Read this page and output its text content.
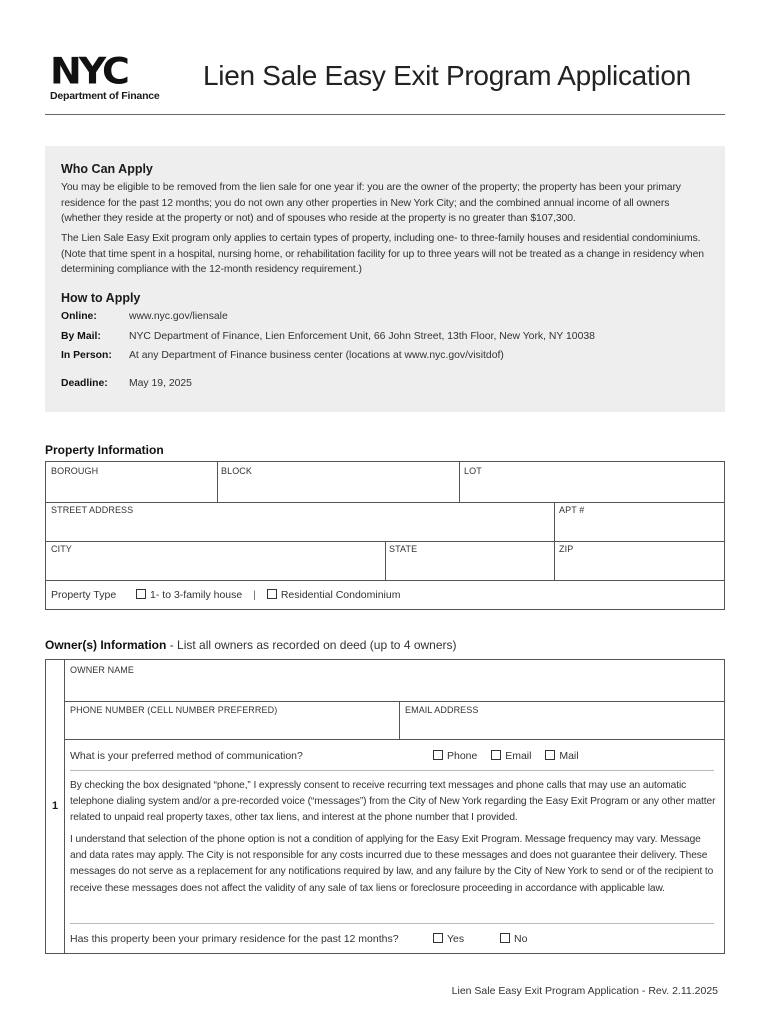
NYC
Department of Finance
Lien Sale Easy Exit Program Application
Who Can Apply

You may be eligible to be removed from the lien sale for one year if: you are the owner of the property; the property has been your primary residence for the past 12 months; you do not own any other properties in New York City; and the combined annual income of all owners (whether they reside at the property or not) and of spouses who reside at the property is no greater than $107,300.

The Lien Sale Easy Exit program only applies to certain types of property, including one- to three-family houses and residential condominiums. (Note that time spent in a hospital, nursing home, or rehabilitation facility for up to three years will not be treated as a change in residency when determining compliance with the 12-month residency requirement.)

How to Apply
Online:	www.nyc.gov/liensale
By Mail:	NYC Department of Finance, Lien Enforcement Unit, 66 John Street, 13th Floor, New York, NY 10038
In Person: At any Department of Finance business center (locations at www.nyc.gov/visitdof)
Deadline: May 19, 2025
Property Information
BOROUGH	BLOCK	LOT
STREET ADDRESS	APT #
CITY	STATE	ZIP
Property Type	1- to 3-family house | Residential Condominium
Owner(s) Information - List all owners as recorded on deed (up to 4 owners)
1
OWNER NAME
PHONE NUMBER (CELL NUMBER PREFERRED)	EMAIL ADDRESS
What is your preferred method of communication?	Phone	Email	Mail

By checking the box designated “phone,” I expressly consent to receive recurring text messages and phone calls that may use an automatic telephone dialing system and/or a pre-recorded voice (“messages”) from the City of New York regarding the Easy Exit Program or any other matter related to unpaid real property taxes, other tax liens, and interest at the phone number that I provided.

I understand that selection of the phone option is not a condition of applying for the Easy Exit Program. Message frequency may vary. Message and data rates may apply. The City is not responsible for any costs incurred due to these messages and does not guarantee their delivery. These messages do not serve as a replacement for any notifications required by law, and any failure by the City of New York to send or of the recipient to receive these messages does not affect the validity of any sale of tax liens or foreclosure proceeding in accordance with applicable law.

Has this property been your primary residence for the past 12 months?	Yes	No
Lien Sale Easy Exit Program Application - Rev. 2.11.2025
